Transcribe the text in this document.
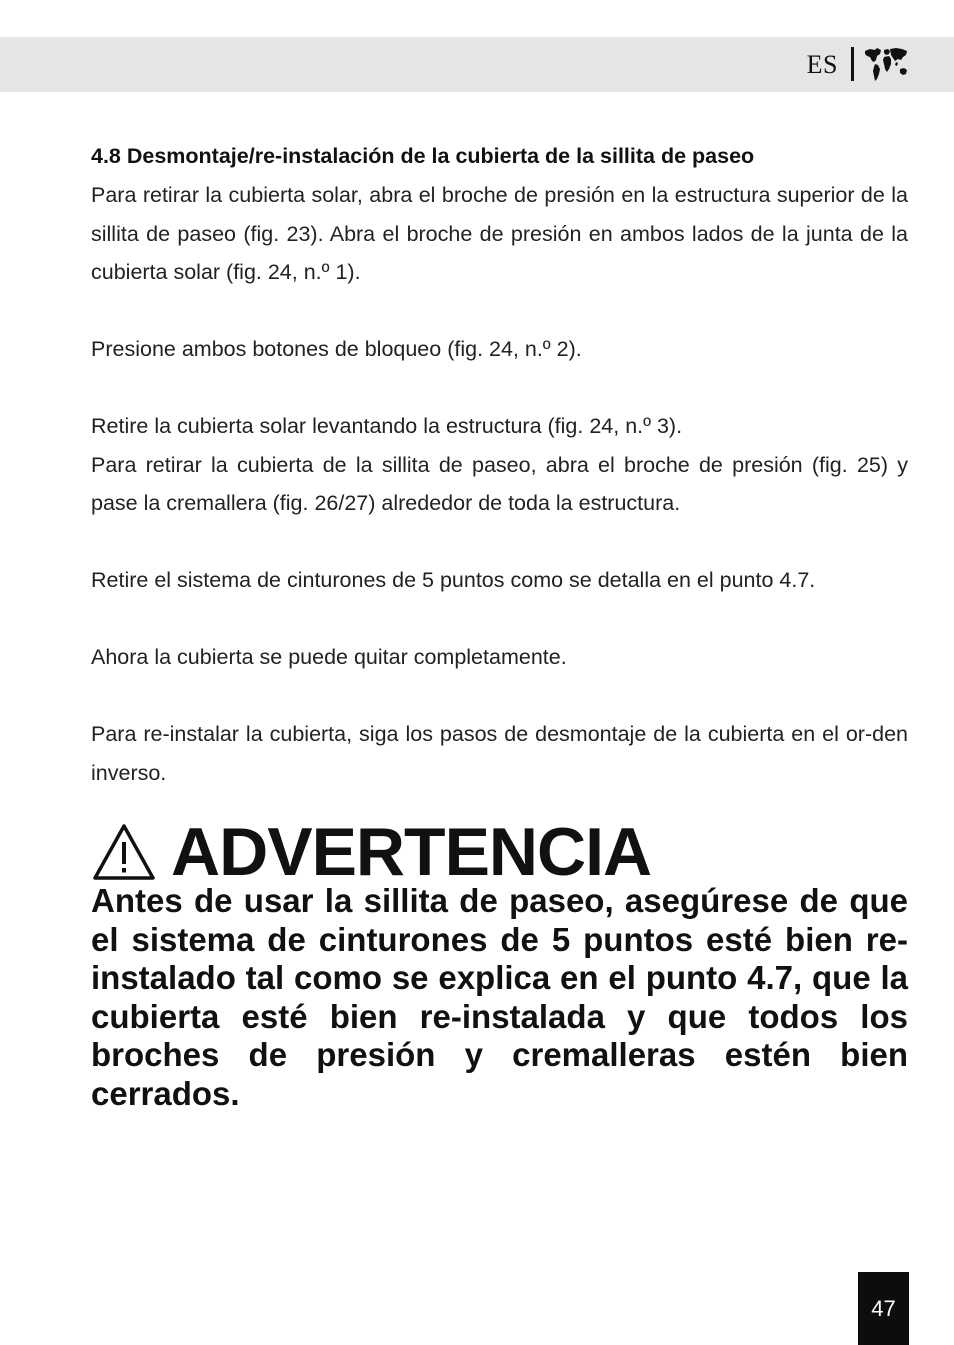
ES

4.8 Desmontaje/re-instalación de la cubierta de la sillita de paseo

Para retirar la cubierta solar, abra el broche de presión en la estructura superior de la sillita de paseo (fig. 23). Abra el broche de presión en ambos lados de la junta de la cubierta solar (fig. 24, n.º 1).

Presione ambos botones de bloqueo (fig. 24, n.º 2).

Retire la cubierta solar levantando la estructura (fig. 24, n.º 3).

Para retirar la cubierta de la sillita de paseo, abra el broche de presión (fig. 25) y pase la cremallera (fig. 26/27) alrededor de toda la estructura.

Retire el sistema de cinturones de 5 puntos como se detalla en el punto 4.7.

Ahora la cubierta se puede quitar completamente.

Para re-instalar la cubierta, siga los pasos de desmontaje de la cubierta en el or-den inverso.

ADVERTENCIA

Antes de usar la sillita de paseo, asegúrese de que el sistema de cinturones de 5 puntos esté bien re-instalado tal como se explica en el punto 4.7, que la cubierta esté bien re-instalada y que todos los broches de presión y cremalleras estén bien cerrados.

47
